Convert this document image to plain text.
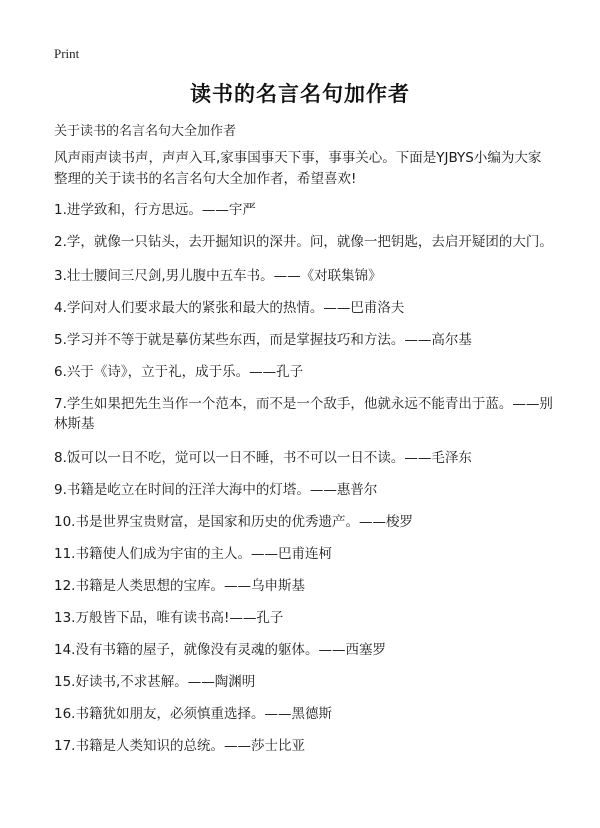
Print
读书的名言名句加作者

关于读书的名言名句大全加作者

风声雨声读书声，声声入耳,家事国事天下事，事事关心。下面是YJBYS小编为大家整理的关于读书的名言名句大全加作者，希望喜欢!

1.进学致和，行方思远。——宇严
2.学，就像一只钻头，去开掘知识的深井。问，就像一把钥匙，去启开疑团的大门。
3.壮士腰间三尺剑,男儿腹中五车书。——《对联集锦》
4.学问对人们要求最大的紧张和最大的热情。——巴甫洛夫
5.学习并不等于就是摹仿某些东西，而是掌握技巧和方法。——高尔基
6.兴于《诗》，立于礼，成于乐。——孔子
7.学生如果把先生当作一个范本，而不是一个敌手，他就永远不能青出于蓝。——别林斯基
8.饭可以一日不吃，觉可以一日不睡，书不可以一日不读。——毛泽东
9.书籍是屹立在时间的汪洋大海中的灯塔。——惠普尔
10.书是世界宝贵财富，是国家和历史的优秀遗产。——梭罗
11.书籍使人们成为宇宙的主人。——巴甫连柯
12.书籍是人类思想的宝库。——乌申斯基
13.万般皆下品，唯有读书高!——孔子
14.没有书籍的屋子，就像没有灵魂的躯体。——西塞罗
15.好读书,不求甚解。——陶渊明
16.书籍犹如朋友，必须慎重选择。——黑德斯
17.书籍是人类知识的总统。——莎士比亚
